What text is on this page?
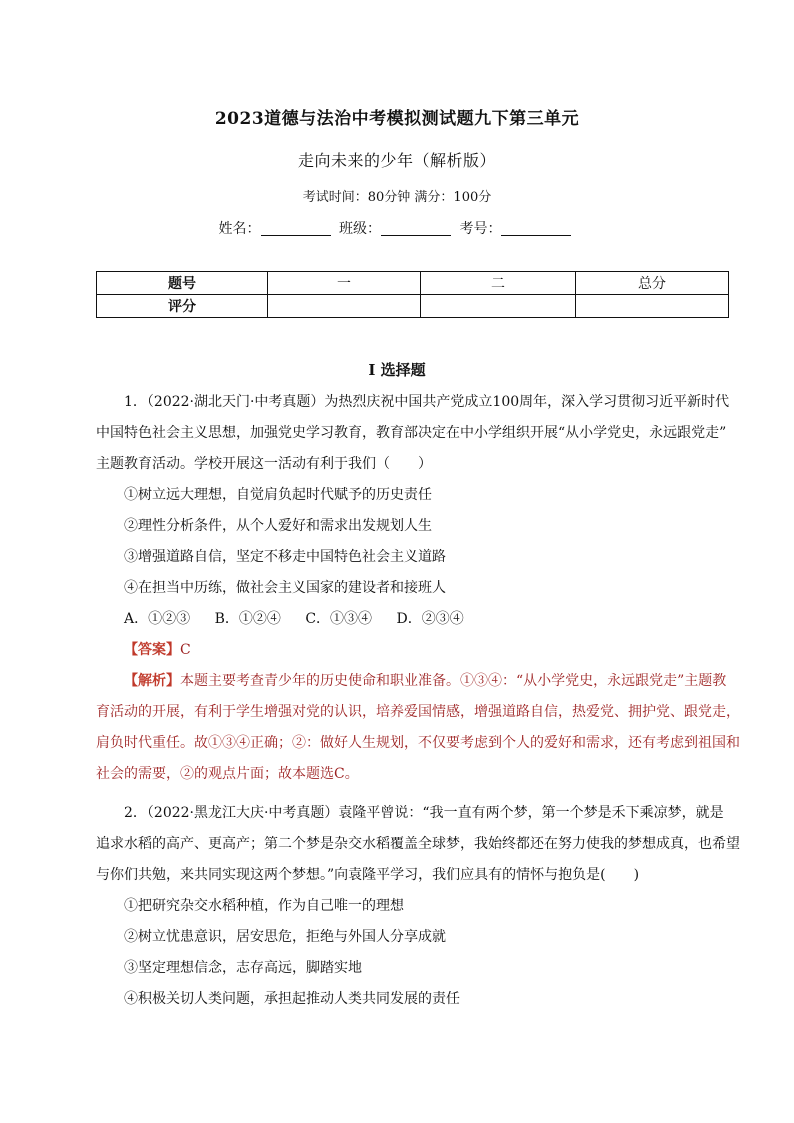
2023道德与法治中考模拟测试题九下第三单元
走向未来的少年（解析版）
考试时间：80分钟 满分：100分
姓名：	班级：	考号：
题号	一	二	总分
评分			
I 选择题
1．（2022·湖北天门·中考真题）为热烈庆祝中国共产党成立100周年，深入学习贯彻习近平新时代
中国特色社会主义思想，加强党史学习教育，教育部决定在中小学组织开展“从小学党史，永远跟党走”
主题教育活动。学校开展这一活动有利于我们（　　）
①树立远大理想，自觉肩负起时代赋予的历史责任
②理性分析条件，从个人爱好和需求出发规划人生
③增强道路自信，坚定不移走中国特色社会主义道路
④在担当中历练，做社会主义国家的建设者和接班人
A．①②③ B．①②④ C．①③④ D．②③④
【答案】C
【解析】本题主要考查青少年的历史使命和职业准备。①③④：“从小学党史，永远跟党走”主题教
育活动的开展，有利于学生增强对党的认识，培养爱国情感，增强道路自信，热爱党、拥护党、跟党走，
肩负时代重任。故①③④正确；②：做好人生规划，不仅要考虑到个人的爱好和需求，还有考虑到祖国和
社会的需要，②的观点片面；故本题选C。
2．（2022·黑龙江大庆·中考真题）袁隆平曾说：“我一直有两个梦，第一个梦是禾下乘凉梦，就是
追求水稻的高产、更高产；第二个梦是杂交水稻覆盖全球梦，我始终都还在努力使我的梦想成真，也希望
与你们共勉，来共同实现这两个梦想。”向袁隆平学习，我们应具有的情怀与抱负是(　　)
①把研究杂交水稻种植，作为自己唯一的理想
②树立忧患意识，居安思危，拒绝与外国人分享成就
③坚定理想信念，志存高远，脚踏实地
④积极关切人类问题，承担起推动人类共同发展的责任
